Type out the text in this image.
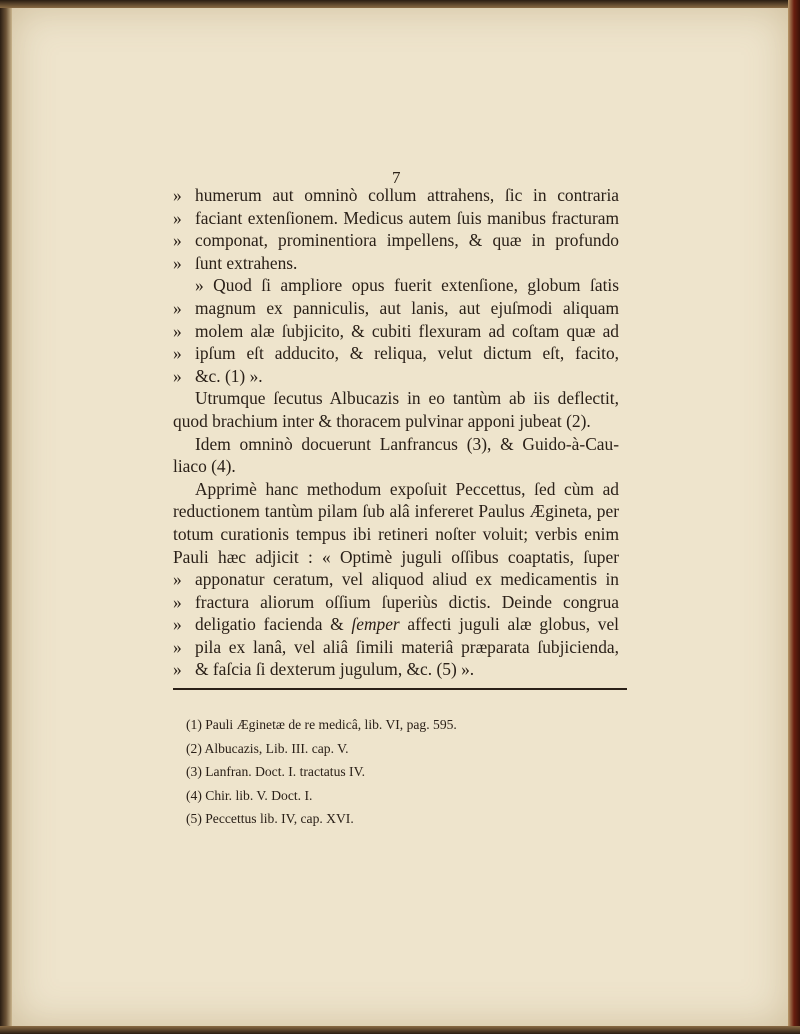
7
» humerum aut omninò collum attrahens, ſic in contraria
» faciant extenſionem. Medicus autem ſuis manibus fracturam
» componat, prominentiora impellens, & quæ in profundo
» ſunt extrahens.
» Quod ſi ampliore opus fuerit extenſione, globum ſatis
» magnum ex panniculis, aut lanis, aut ejuſmodi aliquam
» molem alæ ſubjicito, & cubiti flexuram ad coſtam quæ ad
» ipſum eſt adducito, & reliqua, velut dictum eſt, facito,
» &c. (1) ».
Utrumque ſecutus Albucazis in eo tantùm ab iis deflectit,
quod brachium inter & thoracem pulvinar apponi jubeat (2).
Idem omninò docuerunt Lanfrancus (3), & Guido-à-Cau-
liaco (4).
Apprimè hanc methodum expoſuit Peccettus, ſed cùm ad
reductionem tantùm pilam ſub alâ infereret Paulus Ægineta, per
totum curationis tempus ibi retineri noſter voluit; verbis enim
Pauli hæc adjicit : « Optimè juguli oſſibus coaptatis, ſuper
» apponatur ceratum, vel aliquod aliud ex medicamentis in
» fractura aliorum oſſium ſuperiùs dictis. Deinde congrua
» deligatio facienda & ſemper affecti juguli alæ globus, vel
» pila ex lanâ, vel aliâ ſimili materiâ præparata ſubjicienda,
» & faſcia ſi dexterum jugulum, &c. (5) ».
(1) Pauli Æginetæ de re medicâ, lib. VI, pag. 595.
(2) Albucazis, Lib. III. cap. V.
(3) Lanfran. Doct. I. tractatus IV.
(4) Chir. lib. V. Doct. I.
(5) Peccettus lib. IV, cap. XVI.
